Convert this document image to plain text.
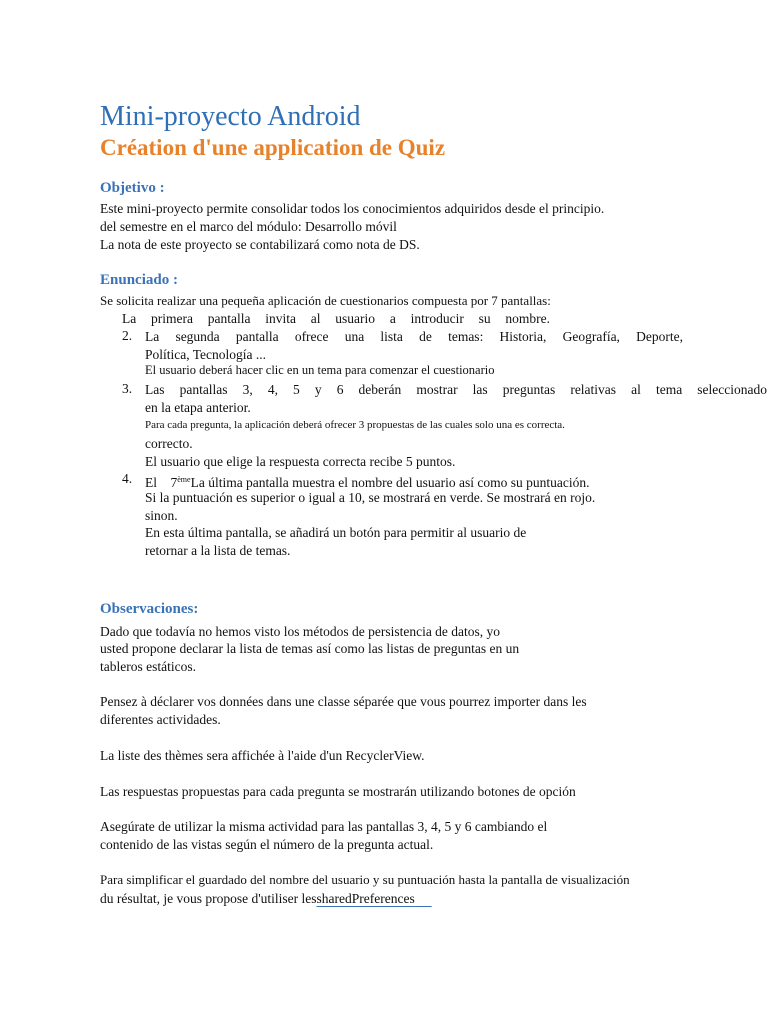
Mini-proyecto Android
Création d'une application de Quiz
Objetivo :
Este mini-proyecto permite consolidar todos los conocimientos adquiridos desde el principio.
del semestre en el marco del módulo: Desarrollo móvil
La nota de este proyecto se contabilizará como nota de DS.
Enunciado :
Se solicita realizar una pequeña aplicación de cuestionarios compuesta por 7 pantallas:
La primera pantalla invita al usuario a introducir su nombre.
2. La segunda pantalla ofrece una lista de temas: Historia, Geografía, Deporte,
Política, Tecnología ...
El usuario deberá hacer clic en un tema para comenzar el cuestionario
3. Las pantallas 3, 4, 5 y 6 deberán mostrar las preguntas relativas al tema seleccionado
en la etapa anterior.
Para cada pregunta, la aplicación deberá ofrecer 3 propuestas de las cuales solo una es correcta.
correcto.
El usuario que elige la respuesta correcta recibe 5 puntos.
4. El 7èmeLa última pantalla muestra el nombre del usuario así como su puntuación.
Si la puntuación es superior o igual a 10, se mostrará en verde. Se mostrará en rojo.
sinon.
En esta última pantalla, se añadirá un botón para permitir al usuario de
retornar a la lista de temas.
Observaciones:
Dado que todavía no hemos visto los métodos de persistencia de datos, yo
usted propone declarar la lista de temas así como las listas de preguntas en un
tableros estáticos.
Pensez à déclarer vos données dans une classe séparée que vous pourrez importer dans les
diferentes actividades.
La liste des thèmes sera affichée à l'aide d'un RecyclerView.
Las respuestas propuestas para cada pregunta se mostrarán utilizando botones de opción
Asegúrate de utilizar la misma actividad para las pantallas 3, 4, 5 y 6 cambiando el
contenido de las vistas según el número de la pregunta actual.
Para simplificar el guardado del nombre del usuario y su puntuación hasta la pantalla de visualización
du résultat, je vous propose d'utiliser lessharedPreferences
